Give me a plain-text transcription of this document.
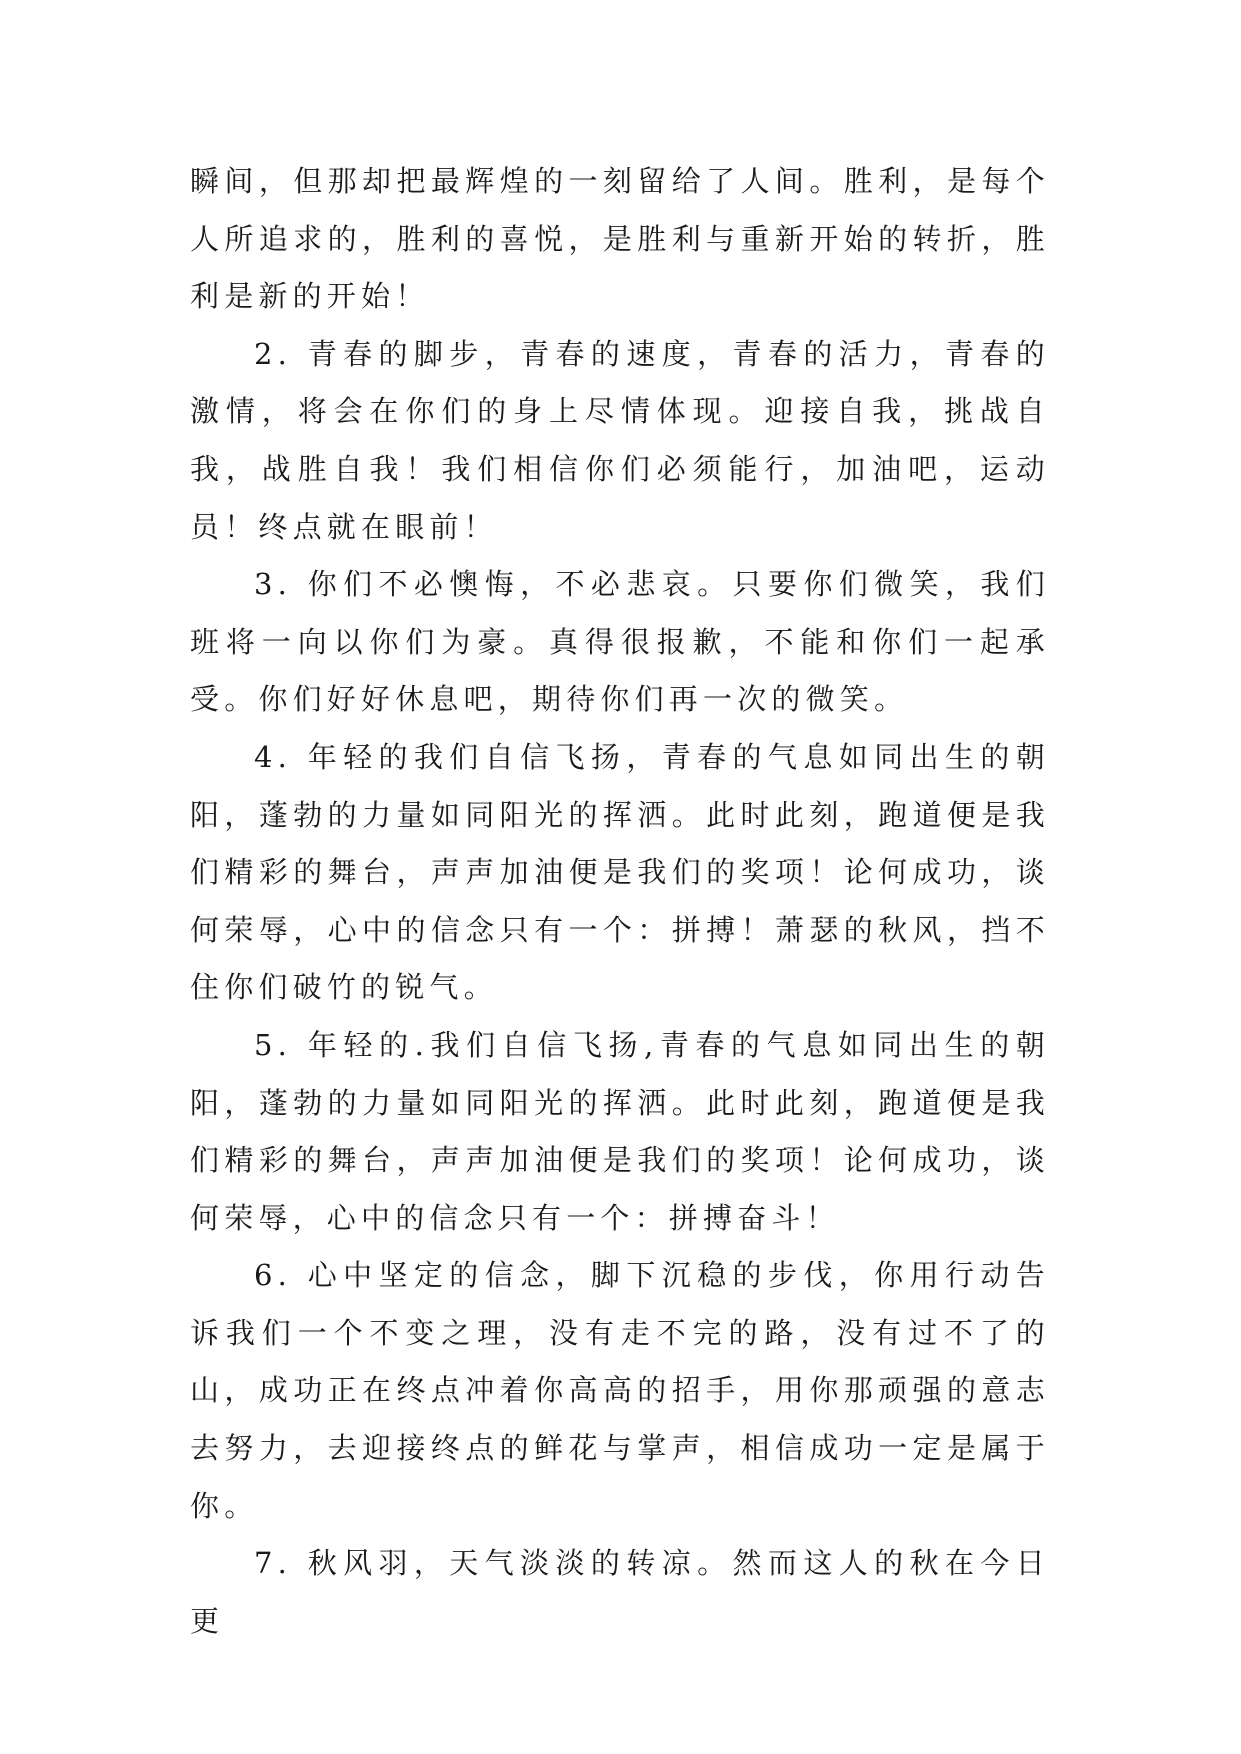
瞬间，但那却把最辉煌的一刻留给了人间。胜利，是每个人所追求的，胜利的喜悦，是胜利与重新开始的转折，胜利是新的开始！

2. 青春的脚步，青春的速度，青春的活力，青春的激情，将会在你们的身上尽情体现。迎接自我，挑战自我，战胜自我！我们相信你们必须能行，加油吧，运动员！终点就在眼前！

3. 你们不必懊悔，不必悲哀。只要你们微笑，我们班将一向以你们为豪。真得很报歉，不能和你们一起承受。你们好好休息吧，期待你们再一次的微笑。

4. 年轻的我们自信飞扬，青春的气息如同出生的朝阳，蓬勃的力量如同阳光的挥洒。此时此刻，跑道便是我们精彩的舞台，声声加油便是我们的奖项！论何成功，谈何荣辱，心中的信念只有一个：拼搏！萧瑟的秋风，挡不住你们破竹的锐气。

5. 年轻的.我们自信飞扬,青春的气息如同出生的朝阳，蓬勃的力量如同阳光的挥洒。此时此刻，跑道便是我们精彩的舞台，声声加油便是我们的奖项！论何成功，谈何荣辱，心中的信念只有一个：拼搏奋斗！

6. 心中坚定的信念，脚下沉稳的步伐，你用行动告诉我们一个不变之理，没有走不完的路，没有过不了的山，成功正在终点冲着你高高的招手，用你那顽强的意志去努力，去迎接终点的鲜花与掌声，相信成功一定是属于你。

7. 秋风羽，天气淡淡的转凉。然而这人的秋在今日更
